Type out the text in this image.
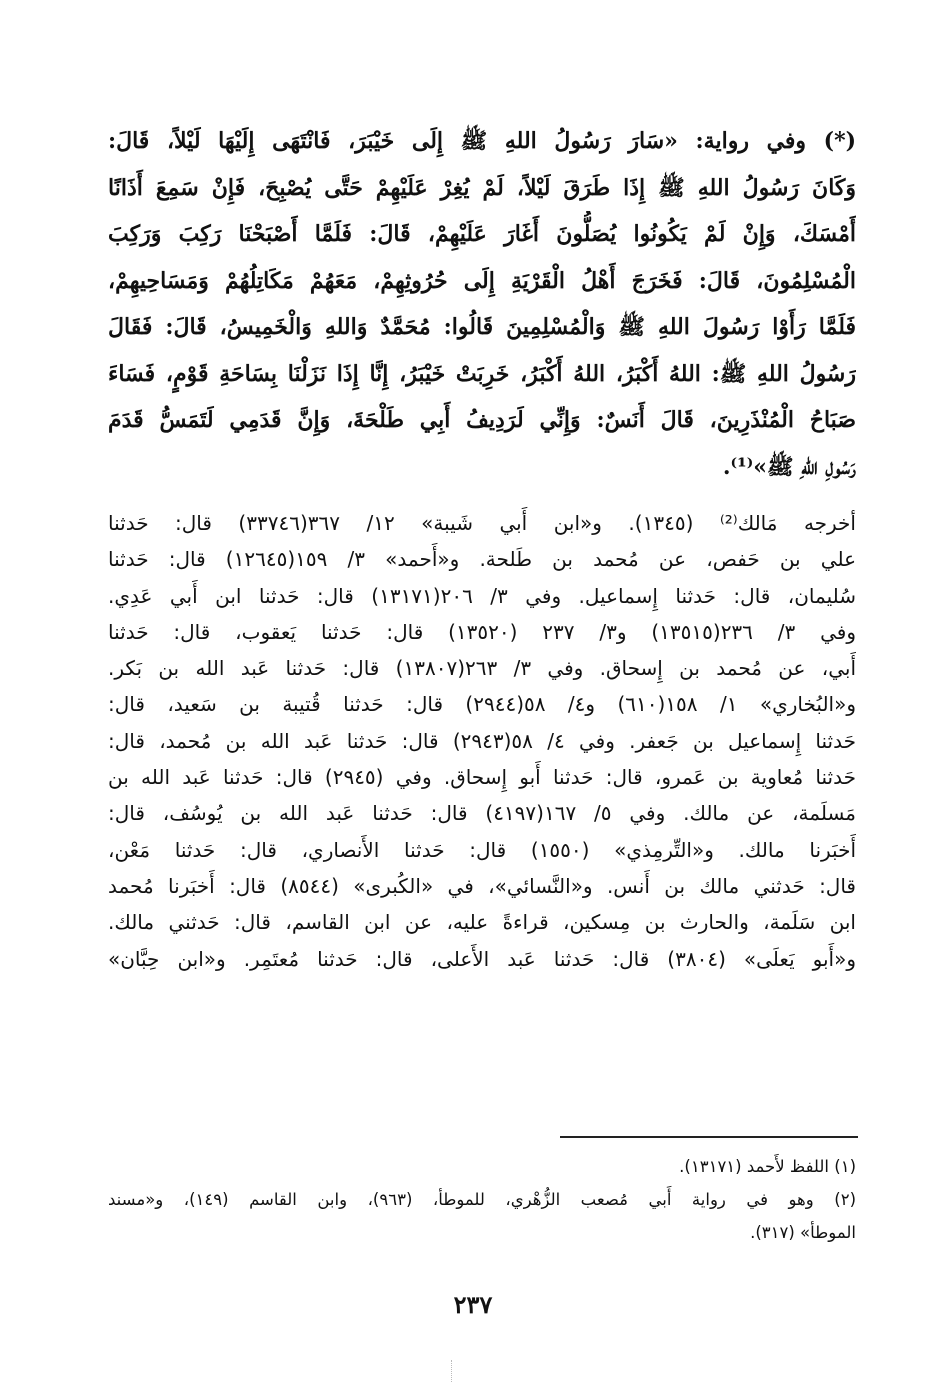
(*) وفي رواية: «سَارَ رَسُولُ اللهِ ﷺ إِلَى خَيْبَرَ، فَانْتَهَى إِلَيْهَا لَيْلاً، قَالَ:
وَكَانَ رَسُولُ اللهِ ﷺ إِذَا طَرَقَ لَيْلاً، لَمْ يُغِرْ عَلَيْهِمْ حَتَّى يُصْبِحَ، فَإِنْ سَمِعَ أَذَانًا
أَمْسَكَ، وَإِنْ لَمْ يَكُونُوا يُصَلُّونَ أَغَارَ عَلَيْهِمْ، قَالَ: فَلَمَّا أَصْبَحْنَا رَكِبَ وَرَكِبَ
الْمُسْلِمُونَ، قَالَ: فَخَرَجَ أَهْلُ الْقَرْيَةِ إِلَى حُرُوثِهِمْ، مَعَهُمْ مَكَاتِلُهُمْ وَمَسَاحِيهِمْ،
فَلَمَّا رَأَوْا رَسُولَ اللهِ ﷺ وَالْمُسْلِمِينَ قَالُوا: مُحَمَّدٌ وَاللهِ وَالْخَمِيسُ، قَالَ: فَقَالَ
رَسُولُ اللهِ ﷺ: اللهُ أَكْبَرُ، اللهُ أَكْبَرُ، خَرِبَتْ خَيْبَرُ، إِنَّا إِذَا نَزَلْنَا بِسَاحَةِ قَوْمٍ، فَسَاءَ
صَبَاحُ الْمُنْذَرِينَ، قَالَ أَنَسٌ: وَإِنِّي لَرَدِيفُ أَبِي طَلْحَةَ، وَإِنَّ قَدَمِي لَتَمَسُّ قَدَمَ
رَسُولِ اللهِ ﷺ»⁽¹⁾.
أخرجه مَالك⁽²⁾ (١٣٤٥). و«ابن أَبي شَيبة» ١٢/ ٣٦٧(٣٣٧٤٦) قال: حَدثنا
علي بن حَفص، عن مُحمد بن طَلحة. و«أَحمد» ٣/ ١٥٩(١٢٦٤٥) قال: حَدثنا
سُليمان، قال: حَدثنا إِسماعيل. وفي ٣/ ٢٠٦(١٣١٧١) قال: حَدثنا ابن أَبي عَدِي.
وفي ٣/ ٢٣٦(١٣٥١٥) و٣/ ٢٣٧ (١٣٥٢٠) قال: حَدثنا يَعقوب، قال: حَدثنا
أَبي، عن مُحمد بن إِسحاق. وفي ٣/ ٢٦٣(١٣٨٠٧) قال: حَدثنا عَبد الله بن بَكر.
و«البُخاري» ١/ ١٥٨(٦١٠) و٤/ ٥٨(٢٩٤٤) قال: حَدثنا قُتيبة بن سَعيد، قال:
حَدثنا إِسماعيل بن جَعفر. وفي ٤/ ٥٨(٢٩٤٣) قال: حَدثنا عَبد الله بن مُحمد، قال:
حَدثنا مُعاوية بن عَمرو، قال: حَدثنا أَبو إِسحاق. وفي (٢٩٤٥) قال: حَدثنا عَبد الله بن
مَسلَمة، عن مالك. وفي ٥/ ١٦٧(٤١٩٧) قال: حَدثنا عَبد الله بن يُوسُف، قال:
أَخبَرنا مالك. و«التِّرمِذي» (١٥٥٠) قال: حَدثنا الأَنصاري، قال: حَدثنا مَعْن،
قال: حَدثني مالك بن أَنس. و«النَّسائي»، في «الكُبرى» (٨٥٤٤) قال: أَخبَرنا مُحمد
ابن سَلَمة، والحارث بن مِسكين، قراءةً عليه، عن ابن القاسم، قال: حَدثني مالك.
و«أَبو يَعلَى» (٣٨٠٤) قال: حَدثنا عَبد الأَعلى، قال: حَدثنا مُعتَمِر. و«ابن حِبَّان»
(١) اللفظ لأَحمد (١٣١٧١).
(٢) وهو في رواية أَبي مُصعب الزُّهْري، للموطأ، (٩٦٣)، وابن القاسم (١٤٩)، و«مسند
الموطأ» (٣١٧).
٢٣٧
